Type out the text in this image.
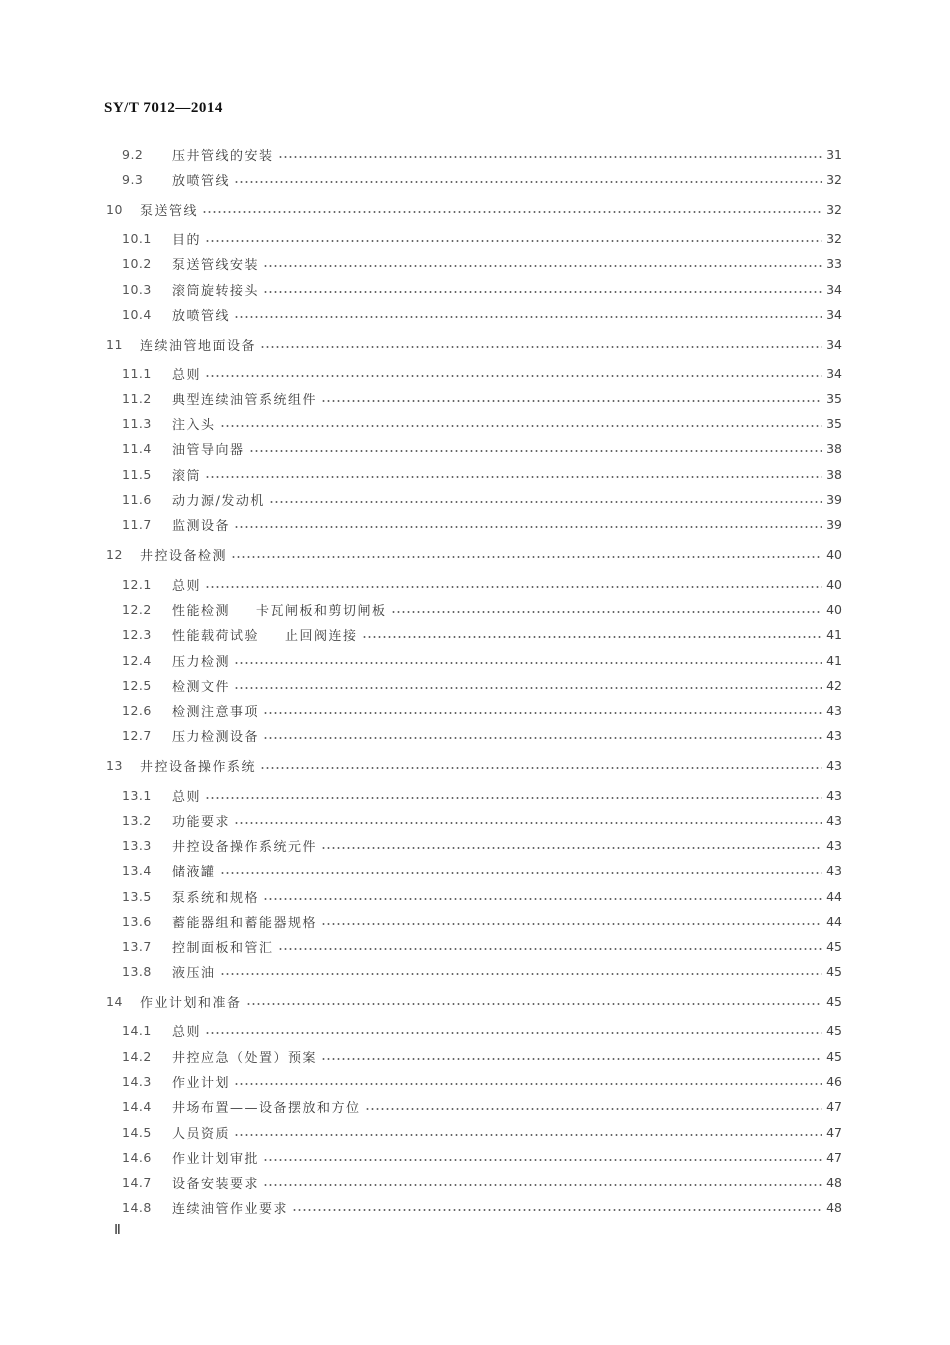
SY/T 7012—2014
9.2	压井管线的安装	31
9.3	放喷管线	32
10	泵送管线	32
10.1	目的	32
10.2	泵送管线安装	33
10.3	滚筒旋转接头	34
10.4	放喷管线	34
11	连续油管地面设备	34
11.1	总则	34
11.2	典型连续油管系统组件	35
11.3	注入头	35
11.4	油管导向器	38
11.5	滚筒	38
11.6	动力源/发动机	39
11.7	监测设备	39
12	井控设备检测	40
12.1	总则	40
12.2	性能检测 卡瓦闸板和剪切闸板	40
12.3	性能载荷试验 止回阀连接	41
12.4	压力检测	41
12.5	检测文件	42
12.6	检测注意事项	43
12.7	压力检测设备	43
13	井控设备操作系统	43
13.1	总则	43
13.2	功能要求	43
13.3	井控设备操作系统元件	43
13.4	储液罐	43
13.5	泵系统和规格	44
13.6	蓄能器组和蓄能器规格	44
13.7	控制面板和管汇	45
13.8	液压油	45
14	作业计划和准备	45
14.1	总则	45
14.2	井控应急（处置）预案	45
14.3	作业计划	46
14.4	井场布置——设备摆放和方位	47
14.5	人员资质	47
14.6	作业计划审批	47
14.7	设备安装要求	48
14.8	连续油管作业要求	48
Ⅱ
